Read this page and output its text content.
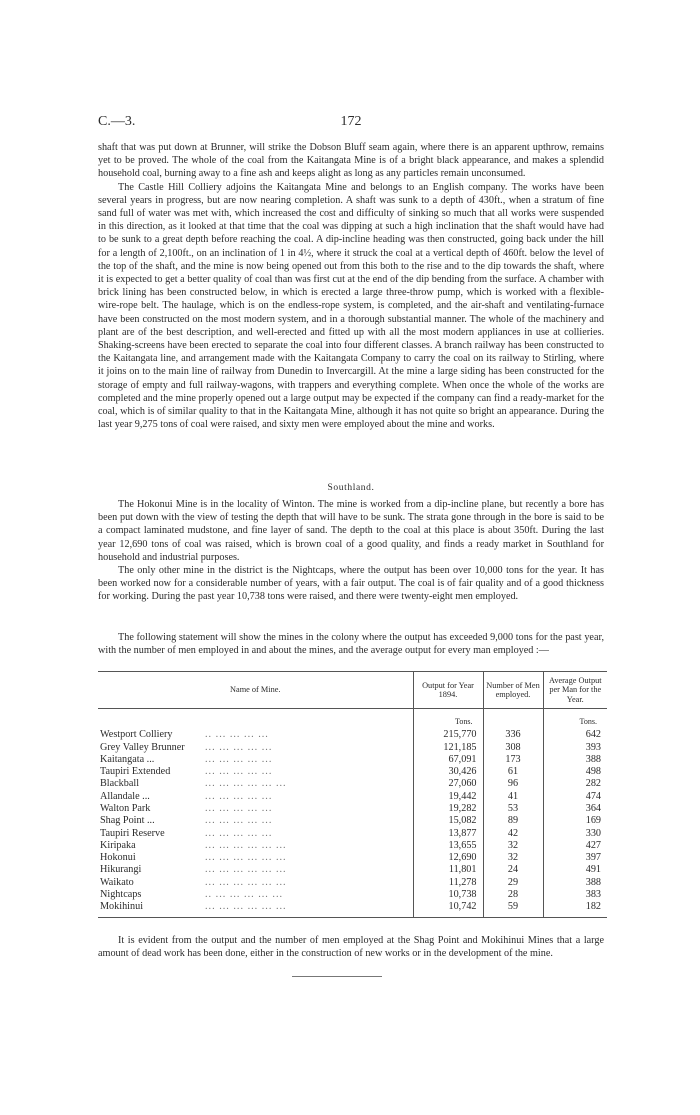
C.—3.	172

shaft that was put down at Brunner, will strike the Dobson Bluff seam again, where there is an apparent upthrow, remains yet to be proved. The whole of the coal from the Kaitangata Mine is of a bright black appearance, and makes a splendid household coal, burning away to a fine ash and keeps alight as long as any particles remain unconsumed.

The Castle Hill Colliery adjoins the Kaitangata Mine and belongs to an English company. The works have been several years in progress, but are now nearing completion. A shaft was sunk to a depth of 430ft., when a stratum of fine sand full of water was met with, which increased the cost and difficulty of sinking so much that all works were suspended in this direction, as it looked at that time that the coal was dipping at such a high inclination that the shaft would have had to be sunk to a great depth before reaching the coal. A dip-incline heading was then constructed, going back under the hill for a length of 2,100ft., on an inclination of 1 in 4½, where it struck the coal at a vertical depth of 460ft. below the level of the top of the shaft, and the mine is now being opened out from this both to the rise and to the dip towards the shaft, where it is expected to get a better quality of coal than was first cut at the end of the dip bending from the surface. A chamber with brick lining has been constructed below, in which is erected a large three-throw pump, which is worked with a flexible-wire-rope belt. The haulage, which is on the endless-rope system, is completed, and the air-shaft and ventilating-furnace have been constructed on the most modern system, and in a thorough substantial manner. The whole of the machinery and plant are of the best description, and well-erected and fitted up with all the most modern appliances in use at collieries. Shaking-screens have been erected to separate the coal into four different classes. A branch railway has been constructed to the Kaitangata line, and arrangement made with the Kaitangata Company to carry the coal on its railway to Stirling, where it joins on to the main line of railway from Dunedin to Invercargill. At the mine a large siding has been constructed for the storage of empty and full railway-wagons, with trappers and everything complete. When once the whole of the works are completed and the mine properly opened out a large output may be expected if the company can find a ready-market for the coal, which is of similar quality to that in the Kaitangata Mine, although it has not quite so bright an appearance. During the last year 9,275 tons of coal were raised, and sixty men were employed about the mine and works.

Southland.

The Hokonui Mine is in the locality of Winton. The mine is worked from a dip-incline plane, but recently a bore has been put down with the view of testing the depth that will have to be sunk. The strata gone through in the bore is said to be a compact laminated mudstone, and fine layer of sand. The depth to the coal at this place is about 350ft. During the last year 12,690 tons of coal was raised, which is brown coal of a good quality, and finds a ready market in Southland for household and industrial purposes.

The only other mine in the district is the Nightcaps, where the output has been over 10,000 tons for the year. It has been worked now for a considerable number of years, with a fair output. The coal is of fair quality and of a good thickness for working. During the past year 10,738 tons were raised, and there were twenty-eight men employed.

The following statement will show the mines in the colony where the output has exceeded 9,000 tons for the past year, with the number of men employed in and about the mines, and the average output for every man employed :—

Name of Mine.	Output for Year 1894.	Number of Men employed.	Average Output per Man for the Year.
	Tons.		Tons.
Westport Colliery .. ... ... ... ...	215,770	336	642
Grey Valley Brunner ... ... ... ... ...	121,185	308	393
Kaitangata ... ... ... ... ... ...	67,091	173	388
Taupiri Extended ... ... ... ... ...	30,426	61	498
Blackball ... ... ... ... ... ...	27,060	96	282
Allandale ... ... ... ... ... ...	19,442	41	474
Walton Park ... ... ... ... ...	19,282	53	364
Shag Point ... ... ... ... ... ...	15,082	89	169
Taupiri Reserve ... ... ... ... ...	13,877	42	330
Kiripaka ... ... ... ... ... ...	13,655	32	427
Hokonui ... ... ... ... ... ...	12,690	32	397
Hikurangi ... ... ... ... ... ...	11,801	24	491
Waikato ... ... ... ... ... ...	11,278	29	388
Nightcaps .. ... ... ... ... ...	10,738	28	383
Mokihinui ... ... ... ... ... ...	10,742	59	182

It is evident from the output and the number of men employed at the Shag Point and Mokihinui Mines that a large amount of dead work has been done, either in the construction of new works or in the development of the mine.
